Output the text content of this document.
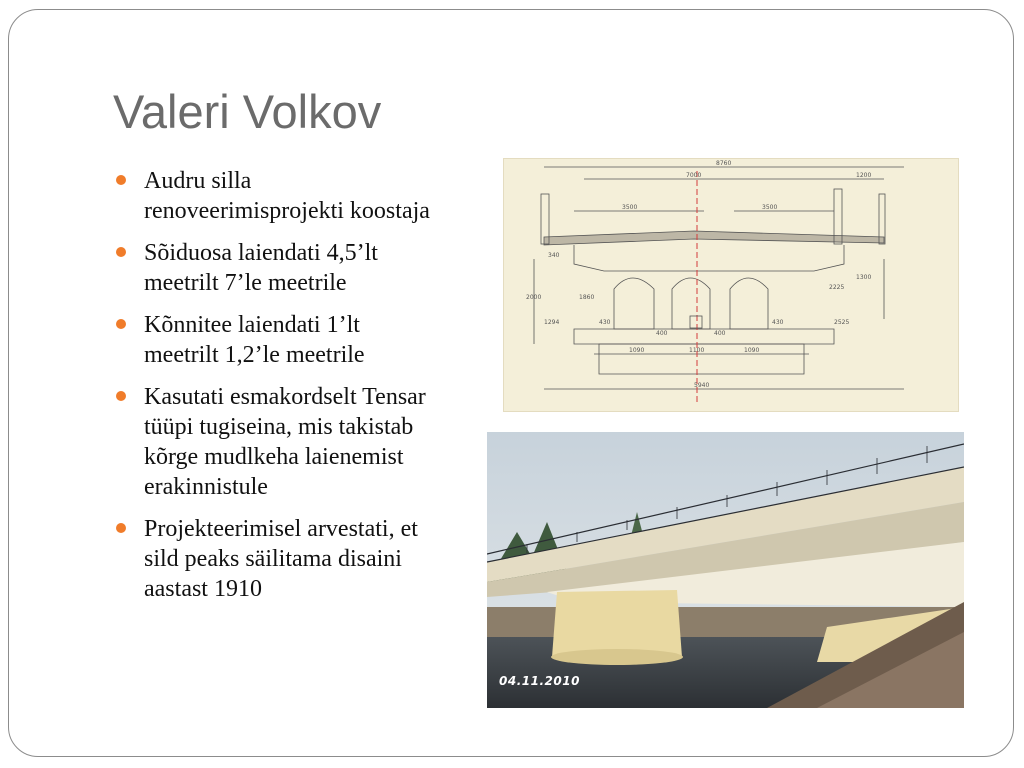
Valeri Volkov
Audru silla
renoveerimisprojekti koostaja
Sõiduosa laiendati 4,5’lt
meetrilt 7’le meetrile
Kõnnitee laiendati 1’lt
meetrilt 1,2’le meetrile
Kasutati esmakordselt Tensar
tüüpi tugiseina, mis takistab
kõrge mudlkeha laienemist
erakinnistule
Projekteerimisel arvestati, et
sild peaks säilitama disaini
aastast 1910
8760
7000	1200
3500	3500
2225
2525
1294	430
400	400
430
1090	1100	1090
5940
1300
2000	1860
340
04.11.2010
